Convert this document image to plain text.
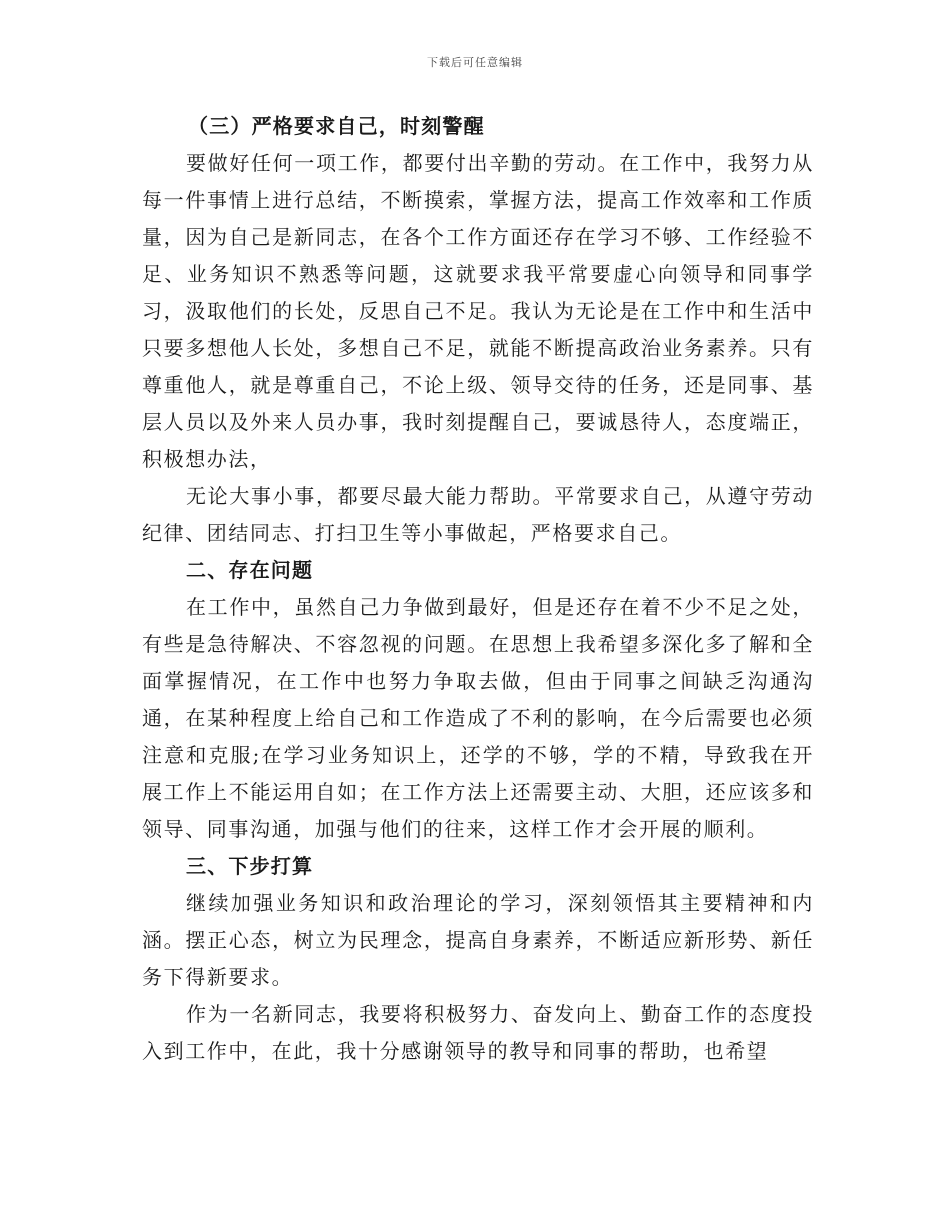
下载后可任意编辑
（三）严格要求自己，时刻警醒

要做好任何一项工作，都要付出辛勤的劳动。在工作中，我努力从每一件事情上进行总结，不断摸索，掌握方法，提高工作效率和工作质量，因为自己是新同志，在各个工作方面还存在学习不够、工作经验不足、业务知识不熟悉等问题，这就要求我平常要虚心向领导和同事学习，汲取他们的长处，反思自己不足。我认为无论是在工作中和生活中只要多想他人长处，多想自己不足，就能不断提高政治业务素养。只有尊重他人，就是尊重自己，不论上级、领导交待的任务，还是同事、基层人员以及外来人员办事，我时刻提醒自己，要诚恳待人，态度端正，积极想办法，

无论大事小事，都要尽最大能力帮助。平常要求自己，从遵守劳动纪律、团结同志、打扫卫生等小事做起，严格要求自己。

二、存在问题

在工作中，虽然自己力争做到最好，但是还存在着不少不足之处，有些是急待解决、不容忽视的问题。在思想上我希望多深化多了解和全面掌握情况，在工作中也努力争取去做，但由于同事之间缺乏沟通沟通，在某种程度上给自己和工作造成了不利的影响，在今后需要也必须注意和克服;在学习业务知识上，还学的不够，学的不精，导致我在开展工作上不能运用自如；在工作方法上还需要主动、大胆，还应该多和领导、同事沟通，加强与他们的往来，这样工作才会开展的顺利。

三、下步打算

继续加强业务知识和政治理论的学习，深刻领悟其主要精神和内涵。摆正心态，树立为民理念，提高自身素养，不断适应新形势、新任务下得新要求。

作为一名新同志，我要将积极努力、奋发向上、勤奋工作的态度投入到工作中，在此，我十分感谢领导的教导和同事的帮助，也希望
